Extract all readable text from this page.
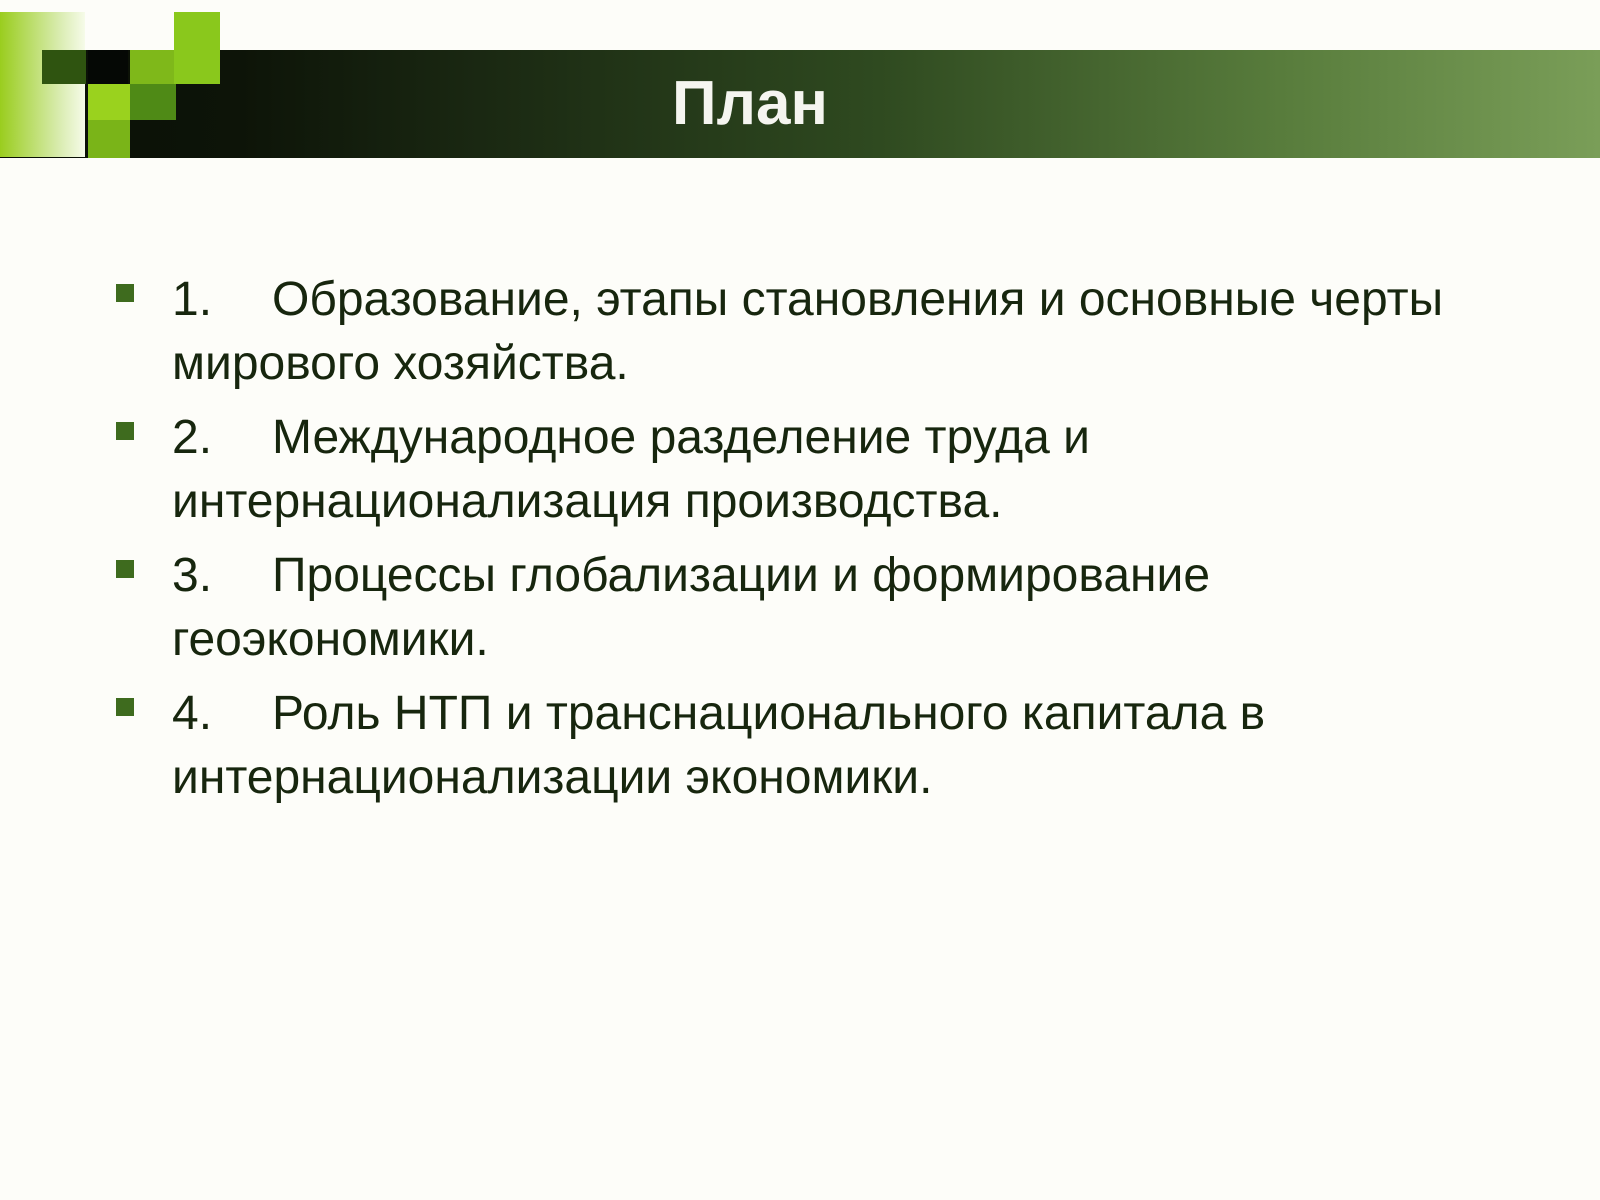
План
1. Образование, этапы становления и основные черты мирового хозяйства.
2. Международное разделение труда и интернационализация производства.
3. Процессы глобализации и формирование геоэкономики.
4. Роль НТП и транснационального капитала в интернационализации экономики.
